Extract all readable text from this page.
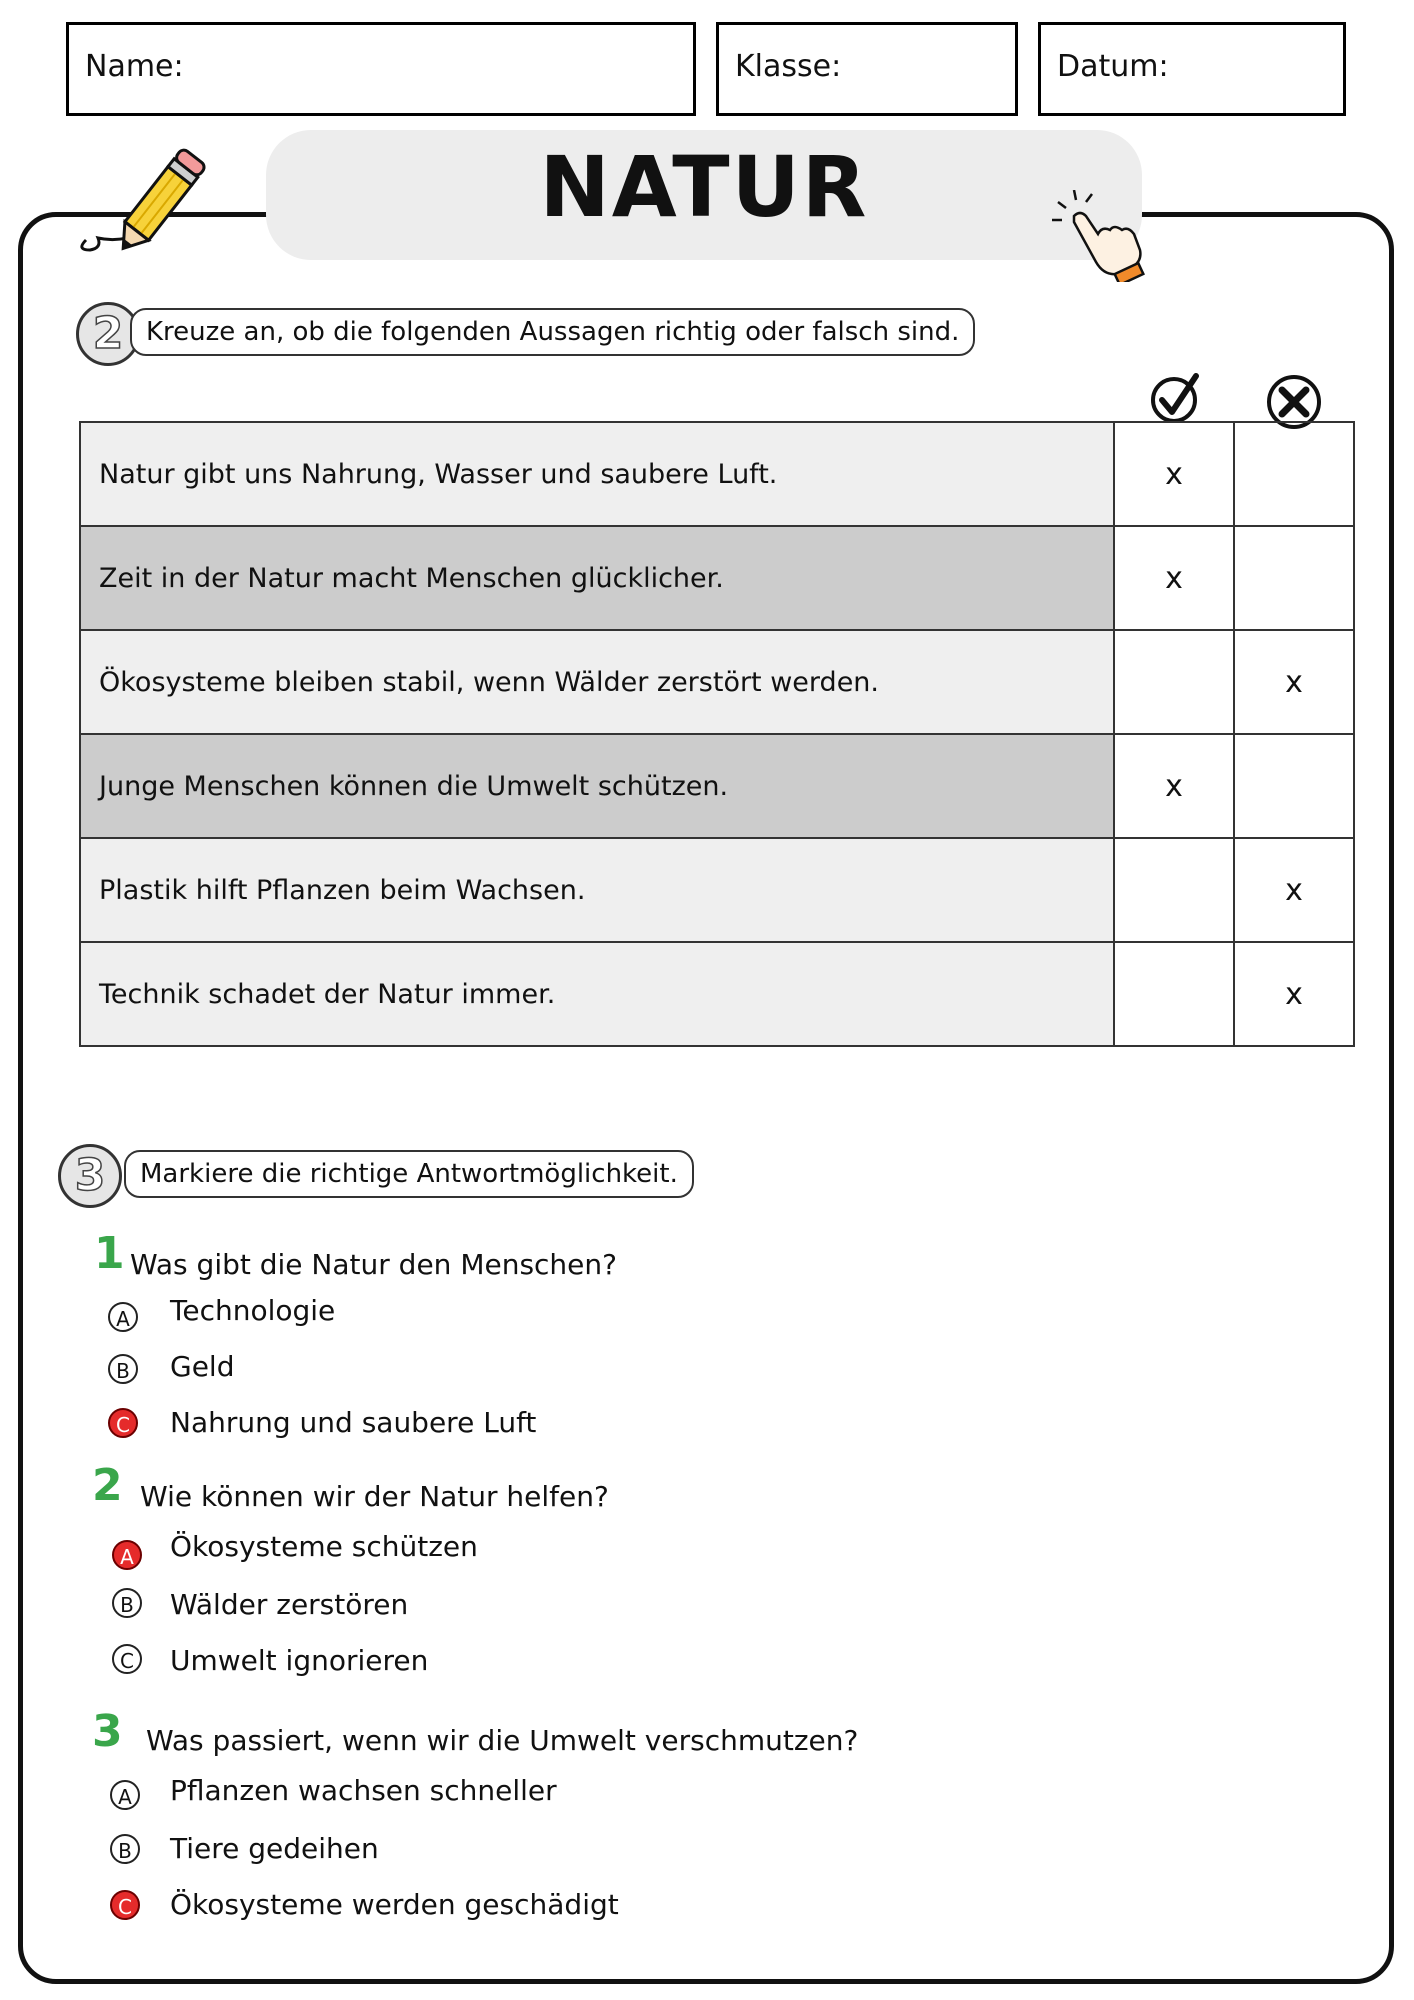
Name:	Klasse:	Datum:
NATUR
2 Kreuze an, ob die folgenden Aussagen richtig oder falsch sind.
Natur gibt uns Nahrung, Wasser und saubere Luft.	x	
Zeit in der Natur macht Menschen glücklicher.	x	
Ökosysteme bleiben stabil, wenn Wälder zerstört werden.		x
Junge Menschen können die Umwelt schützen.	x	
Plastik hilft Pflanzen beim Wachsen.		x
Technik schadet der Natur immer.		x
3	Markiere die richtige Antwortmöglichkeit.
1 Was gibt die Natur den Menschen?
A Technologie
B Geld
C Nahrung und saubere Luft
2 Wie können wir der Natur helfen?
A Ökosysteme schützen
B Wälder zerstören
C Umwelt ignorieren
3 Was passiert, wenn wir die Umwelt verschmutzen?
A Pflanzen wachsen schneller
B Tiere gedeihen
C Ökosysteme werden geschädigt
